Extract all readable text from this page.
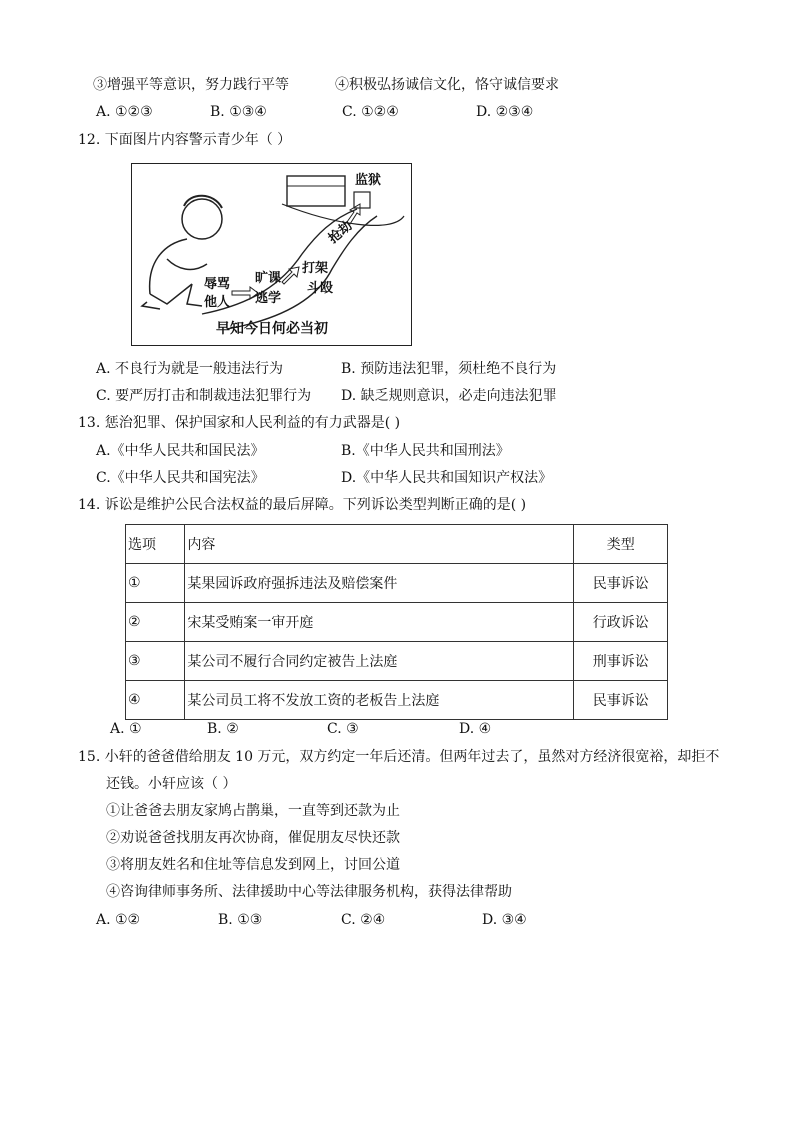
③增强平等意识，努力践行平等	④积极弘扬诚信文化，恪守诚信要求
A. ①②③	B. ①③④	C. ①②④	D. ②③④
12. 下面图片内容警示青少年（ ）
监狱
辱骂
他人
旷课
逃学
打架
斗殴
抢劫
早知今日何必当初
A. 不良行为就是一般违法行为	B. 预防违法犯罪，须杜绝不良行为
C. 要严厉打击和制裁违法犯罪行为 D. 缺乏规则意识，必走向违法犯罪
13. 惩治犯罪、保护国家和人民利益的有力武器是( )
A.《中华人民共和国民法》	B.《中华人民共和国刑法》
C.《中华人民共和国宪法》	D.《中华人民共和国知识产权法》
14. 诉讼是维护公民合法权益的最后屏障。下列诉讼类型判断正确的是( )
选项	内容	类型
①	某果园诉政府强拆违法及赔偿案件	民事诉讼
②	宋某受贿案一审开庭	行政诉讼
③	某公司不履行合同约定被告上法庭	刑事诉讼
④	某公司员工将不发放工资的老板告上法庭	民事诉讼
A. ①	B. ②	C. ③	D. ④
15. 小轩的爸爸借给朋友 10 万元，双方约定一年后还清。但两年过去了，虽然对方经济很宽裕，却拒不
还钱。小轩应该（ ）
①让爸爸去朋友家鸠占鹊巢，一直等到还款为止
②劝说爸爸找朋友再次协商，催促朋友尽快还款
③将朋友姓名和住址等信息发到网上，讨回公道
④咨询律师事务所、法律援助中心等法律服务机构，获得法律帮助
A. ①②	B. ①③	C. ②④	D. ③④
